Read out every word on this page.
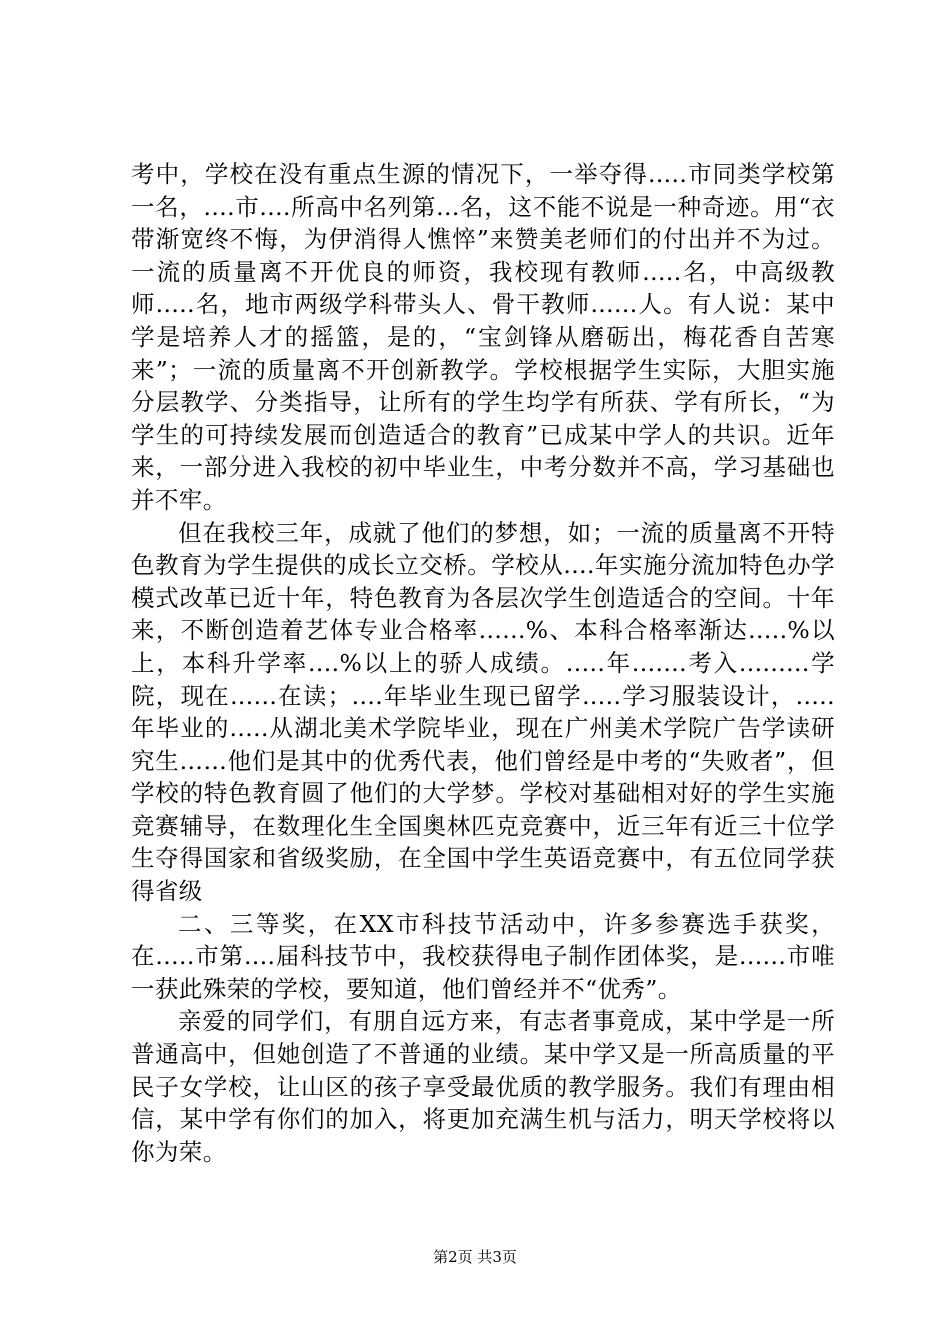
考中，学校在没有重点生源的情况下，一举夺得.....市同类学校第一名，....市....所高中名列第...名，这不能不说是一种奇迹。用“衣带渐宽终不悔，为伊消得人憔悴”来赞美老师们的付出并不为过。一流的质量离不开优良的师资，我校现有教师.....名，中高级教师.....名，地市两级学科带头人、骨干教师......人。有人说：某中学是培养人才的摇篮，是的，“宝剑锋从磨砺出，梅花香自苦寒来”；一流的质量离不开创新教学。学校根据学生实际，大胆实施分层教学、分类指导，让所有的学生均学有所获、学有所长，“为学生的可持续发展而创造适合的教育”已成某中学人的共识。近年来，一部分进入我校的初中毕业生，中考分数并不高，学习基础也并不牢。

但在我校三年，成就了他们的梦想，如；一流的质量离不开特色教育为学生提供的成长立交桥。学校从....年实施分流加特色办学模式改革已近十年，特色教育为各层次学生创造适合的空间。十年来，不断创造着艺体专业合格率......%、本科合格率渐达.....%以上，本科升学率....%以上的骄人成绩。.....年.......考入.........学院，现在......在读；....年毕业生现已留学.....学习服装设计，.....年毕业的.....从湖北美术学院毕业，现在广州美术学院广告学读研究生……他们是其中的优秀代表，他们曾经是中考的“失败者”，但学校的特色教育圆了他们的大学梦。学校对基础相对好的学生实施竞赛辅导，在数理化生全国奥林匹克竞赛中，近三年有近三十位学生夺得国家和省级奖励，在全国中学生英语竞赛中，有五位同学获得省级

二、三等奖，在XX市科技节活动中，许多参赛选手获奖，在.....市第....届科技节中，我校获得电子制作团体奖，是......市唯一获此殊荣的学校，要知道，他们曾经并不“优秀”。

亲爱的同学们，有朋自远方来，有志者事竟成，某中学是一所普通高中，但她创造了不普通的业绩。某中学又是一所高质量的平民子女学校，让山区的孩子享受最优质的教学服务。我们有理由相信，某中学有你们的加入，将更加充满生机与活力，明天学校将以你为荣。

第2页 共3页
